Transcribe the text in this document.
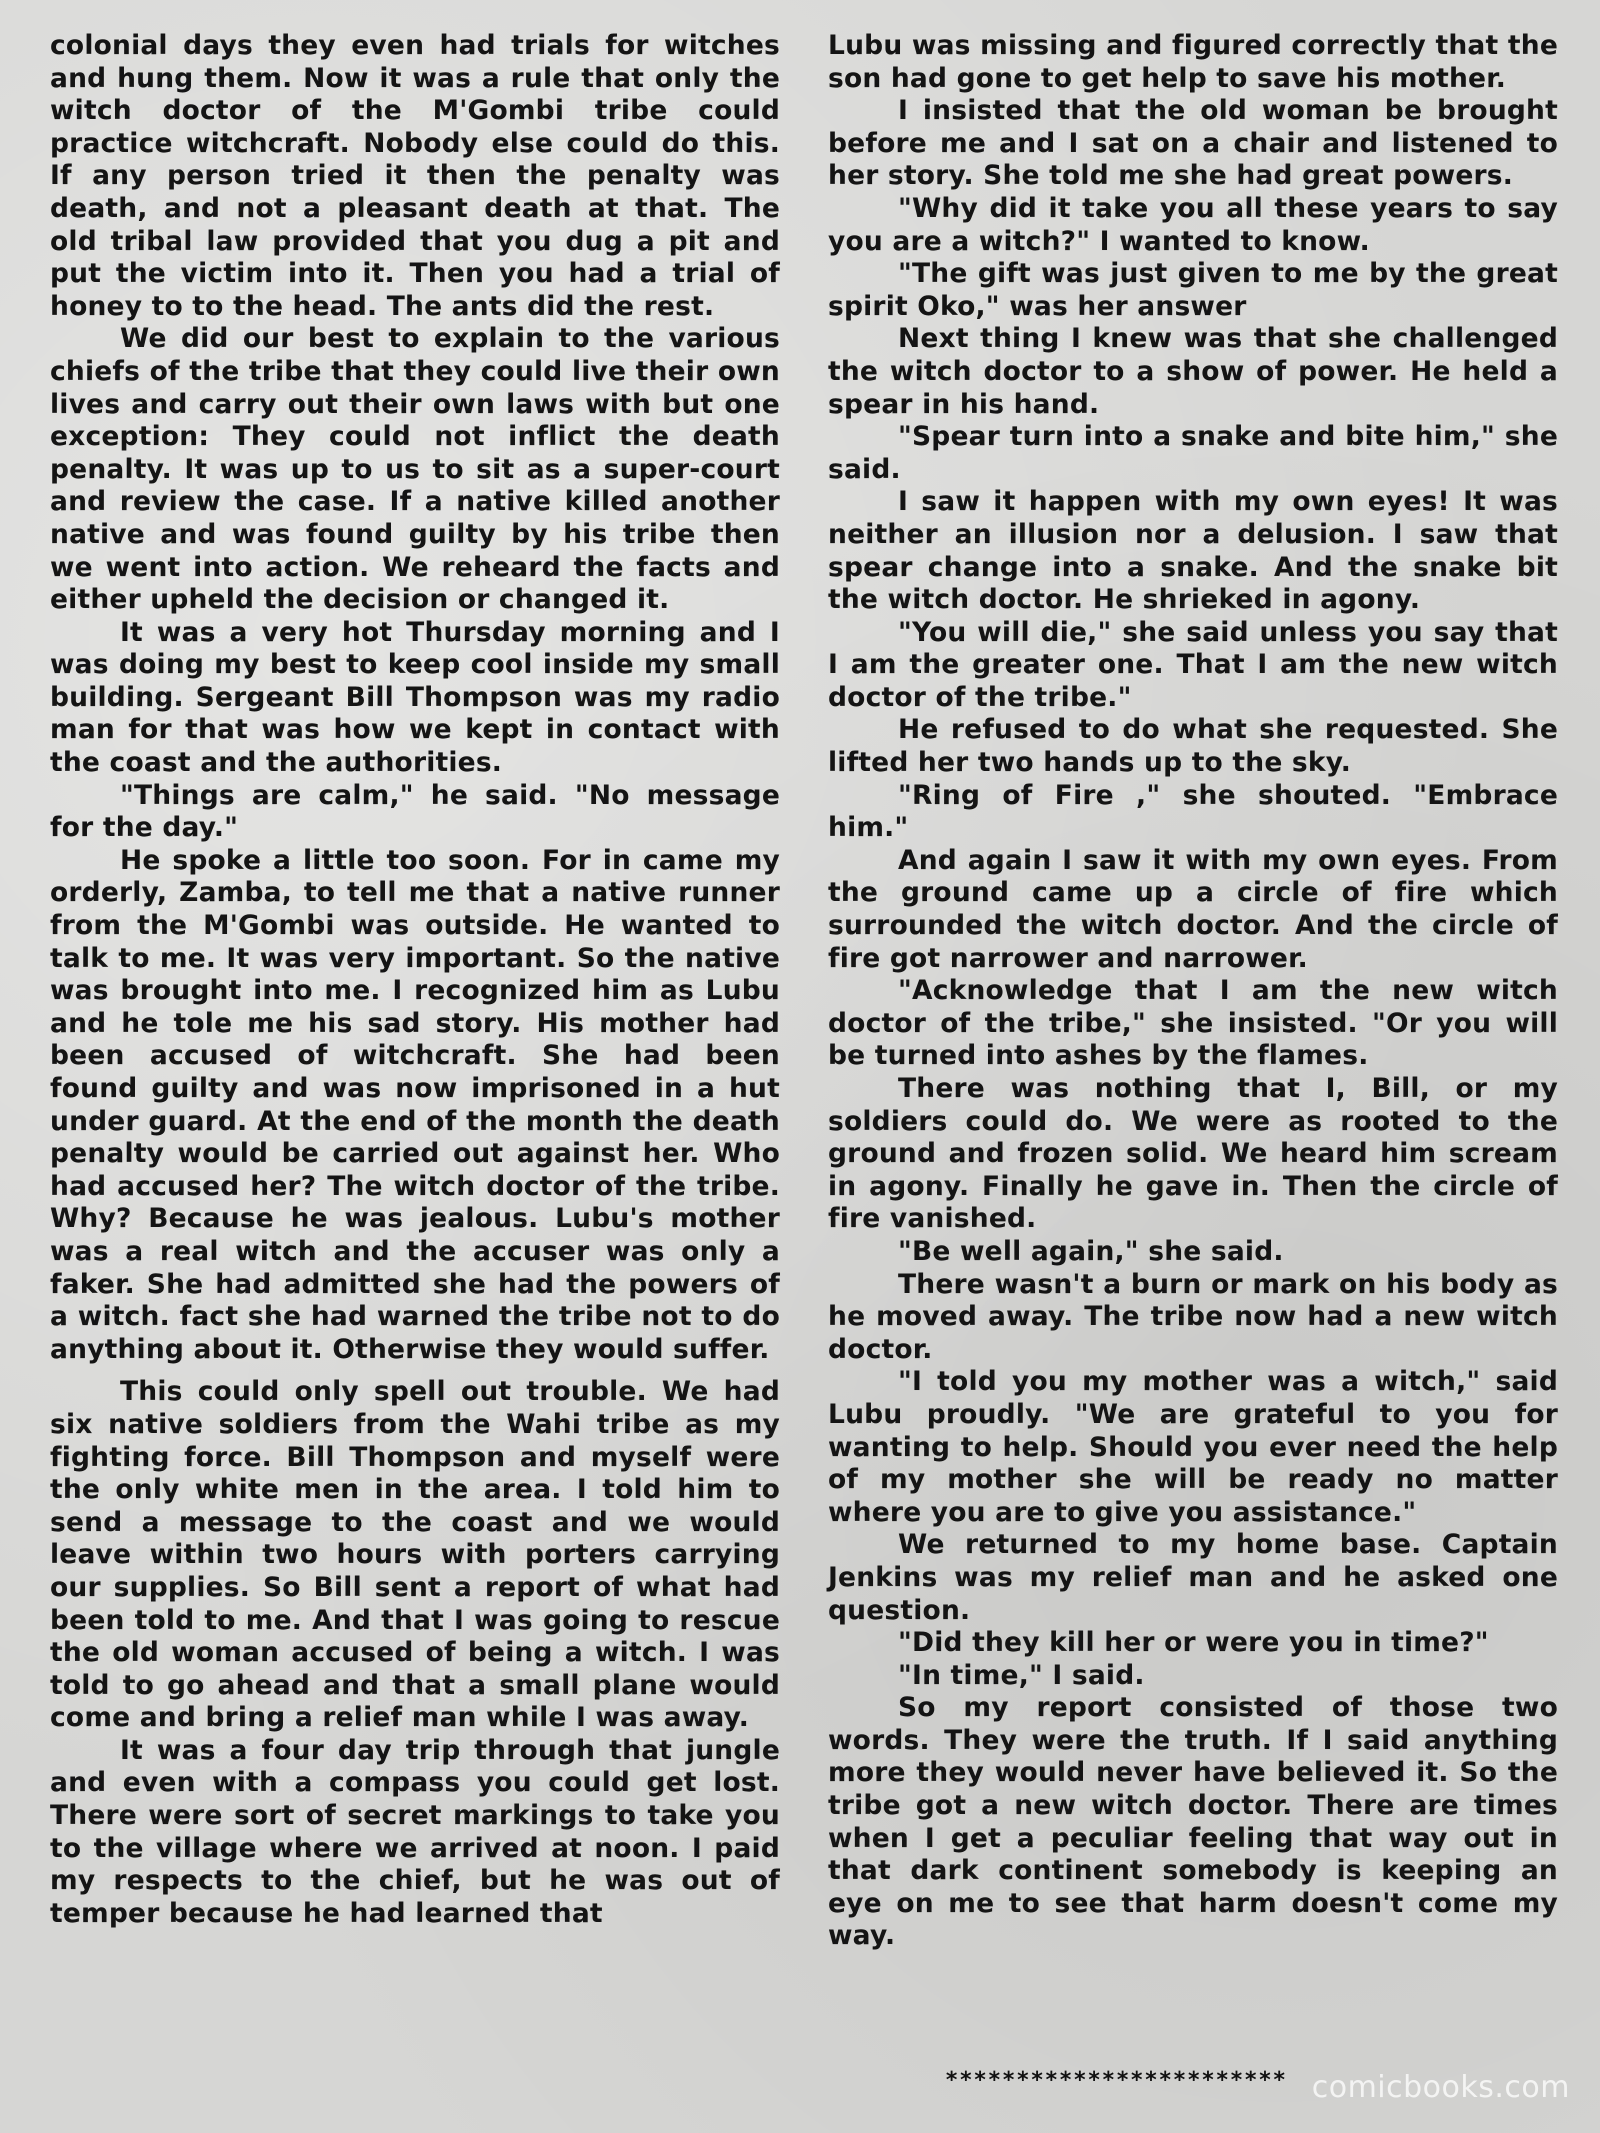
colonial days they even had trials for witches and hung them. Now it was a rule that only the witch doctor of the M'Gombi tribe could practice witchcraft. Nobody else could do this. If any person tried it then the penalty was death, and not a pleasant death at that. The old tribal law provided that you dug a pit and put the victim into it. Then you had a trial of honey to to the head. The ants did the rest.

We did our best to explain to the various chiefs of the tribe that they could live their own lives and carry out their own laws with but one exception: They could not inflict the death penalty. It was up to us to sit as a super-court and review the case. If a native killed another native and was found guilty by his tribe then we went into action. We reheard the facts and either upheld the decision or changed it.

It was a very hot Thursday morning and I was doing my best to keep cool inside my small building. Sergeant Bill Thompson was my radio man for that was how we kept in contact with the coast and the authorities.

"Things are calm," he said. "No message for the day."

He spoke a little too soon. For in came my orderly, Zamba, to tell me that a native runner from the M'Gombi was outside. He wanted to talk to me. It was very important. So the native was brought into me. I recognized him as Lubu and he tole me his sad story. His mother had been accused of witchcraft. She had been found guilty and was now imprisoned in a hut under guard. At the end of the month the death penalty would be carried out against her. Who had accused her? The witch doctor of the tribe. Why? Because he was jealous. Lubu's mother was a real witch and the accuser was only a faker. She had admitted she had the powers of a witch. fact she had warned the tribe not to do anything about it. Otherwise they would suffer.

This could only spell out trouble. We had six native soldiers from the Wahi tribe as my fighting force. Bill Thompson and myself were the only white men in the area. I told him to send a message to the coast and we would leave within two hours with porters carrying our supplies. So Bill sent a report of what had been told to me. And that I was going to rescue the old woman accused of being a witch. I was told to go ahead and that a small plane would come and bring a relief man while I was away.

It was a four day trip through that jungle and even with a compass you could get lost. There were sort of secret markings to take you to the village where we arrived at noon. I paid my respects to the chief, but he was out of temper because he had learned that

Lubu was missing and figured correctly that the son had gone to get help to save his mother.

I insisted that the old woman be brought before me and I sat on a chair and listened to her story. She told me she had great powers.

"Why did it take you all these years to say you are a witch?" I wanted to know.

"The gift was just given to me by the great spirit Oko," was her answer

Next thing I knew was that she challenged the witch doctor to a show of power. He held a spear in his hand.

"Spear turn into a snake and bite him," she said.

I saw it happen with my own eyes! It was neither an illusion nor a delusion. I saw that spear change into a snake. And the snake bit the witch doctor. He shrieked in agony.

"You will die," she said unless you say that I am the greater one. That I am the new witch doctor of the tribe."

He refused to do what she requested. She lifted her two hands up to the sky.

"Ring of Fire ," she shouted. "Embrace him."

And again I saw it with my own eyes. From the ground came up a circle of fire which surrounded the witch doctor. And the circle of fire got narrower and narrower.

"Acknowledge that I am the new witch doctor of the tribe," she insisted. "Or you will be turned into ashes by the flames.

There was nothing that I, Bill, or my soldiers could do. We were as rooted to the ground and frozen solid. We heard him scream in agony. Finally he gave in. Then the circle of fire vanished.

"Be well again," she said.

There wasn't a burn or mark on his body as he moved away. The tribe now had a new witch doctor.

"I told you my mother was a witch," said Lubu proudly. "We are grateful to you for wanting to help. Should you ever need the help of my mother she will be ready no matter where you are to give you assistance."

We returned to my home base. Captain Jenkins was my relief man and he asked one question.

"Did they kill her or were you in time?"

"In time," I said.

So my report consisted of those two words. They were the truth. If I said anything more they would never have believed it. So the tribe got a new witch doctor. There are times when I get a peculiar feeling that way out in that dark continent somebody is keeping an eye on me to see that harm doesn't come my way.

************************ comicbooks.com
